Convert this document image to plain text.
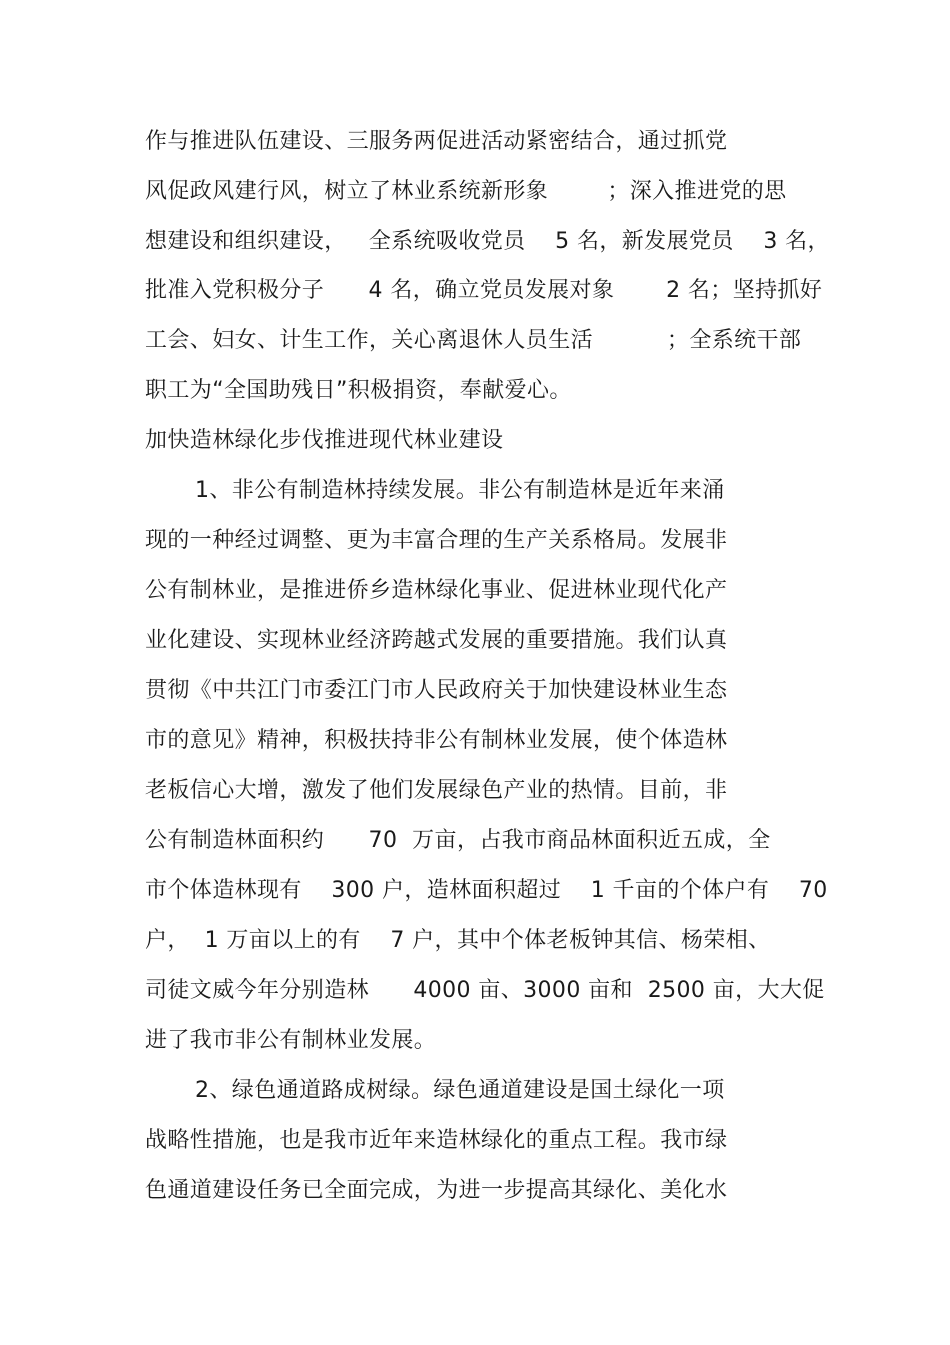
作与推进队伍建设、三服务两促进活动紧密结合，通过抓党
风促政风建行风，树立了林业系统新形象        ；深入推进党的思
想建设和组织建设，   全系统吸收党员    5 名，新发展党员    3 名，
批准入党积极分子      4 名，确立党员发展对象       2 名；坚持抓好
工会、妇女、计生工作，关心离退休人员生活          ；全系统干部
职工为“全国助残日”积极捐资，奉献爱心。
加快造林绿化步伐推进现代林业建设
1、非公有制造林持续发展。非公有制造林是近年来涌
现的一种经过调整、更为丰富合理的生产关系格局。发展非
公有制林业，是推进侨乡造林绿化事业、促进林业现代化产
业化建设、实现林业经济跨越式发展的重要措施。我们认真
贯彻《中共江门市委江门市人民政府关于加快建设林业生态
市的意见》精神，积极扶持非公有制林业发展，使个体造林
老板信心大增，激发了他们发展绿色产业的热情。目前，非
公有制造林面积约      70  万亩，占我市商品林面积近五成，全
市个体造林现有    300 户，造林面积超过    1 千亩的个体户有    70
户，  1 万亩以上的有    7 户，其中个体老板钟其信、杨荣相、
司徒文威今年分别造林      4000 亩、3000 亩和  2500 亩，大大促
进了我市非公有制林业发展。
2、绿色通道路成树绿。绿色通道建设是国土绿化一项
战略性措施，也是我市近年来造林绿化的重点工程。我市绿
色通道建设任务已全面完成，为进一步提高其绿化、美化水
